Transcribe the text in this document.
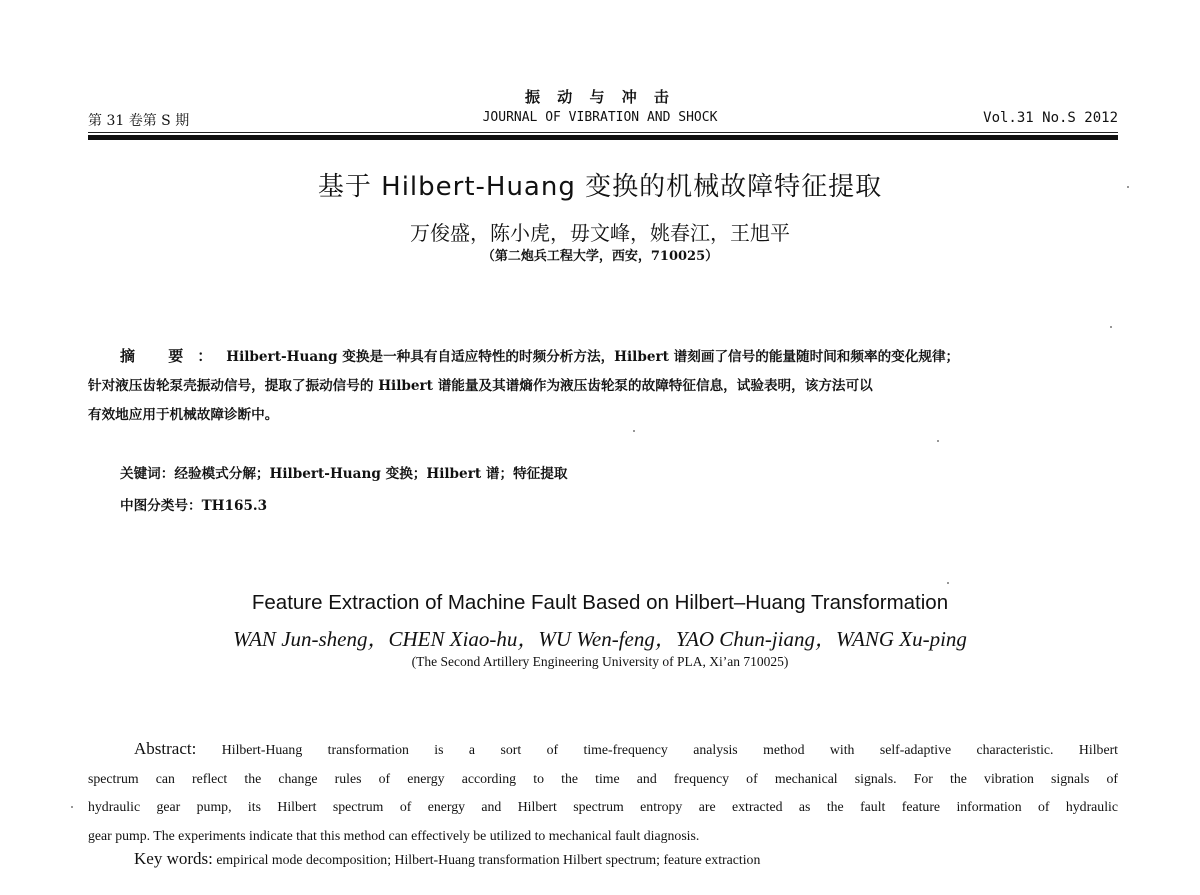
振 动 与 冲 击
第 31 卷第 S 期	JOURNAL OF VIBRATION AND SHOCK	Vol.31 No.S 2012
基于 Hilbert-Huang 变换的机械故障特征提取
万俊盛，陈小虎，毋文峰，姚春江，王旭平
（第二炮兵工程大学，西安，710025）
摘 要：Hilbert-Huang 变换是一种具有自适应特性的时频分析方法，Hilbert 谱刻画了信号的能量随时间和频率的变化规律；
针对液压齿轮泵壳振动信号，提取了振动信号的 Hilbert 谱能量及其谱熵作为液压齿轮泵的故障特征信息，试验表明，该方法可以
有效地应用于机械故障诊断中。
关键词：经验模式分解；Hilbert-Huang 变换；Hilbert 谱；特征提取
中图分类号：TH165.3
Feature Extraction of Machine Fault Based on Hilbert–Huang Transformation
WAN Jun-sheng，CHEN Xiao-hu，WU Wen-feng，YAO Chun-jiang，WANG Xu-ping
(The Second Artillery Engineering University of PLA, Xi’an 710025)
Abstract: Hilbert-Huang transformation is a sort of time-frequency analysis method with self-adaptive characteristic. Hilbert
spectrum can reflect the change rules of energy according to the time and frequency of mechanical signals. For the vibration signals of
hydraulic gear pump, its Hilbert spectrum of energy and Hilbert spectrum entropy are extracted as the fault feature information of hydraulic
gear pump. The experiments indicate that this method can effectively be utilized to mechanical fault diagnosis.
Key words: empirical mode decomposition; Hilbert-Huang transformation Hilbert spectrum; feature extraction
